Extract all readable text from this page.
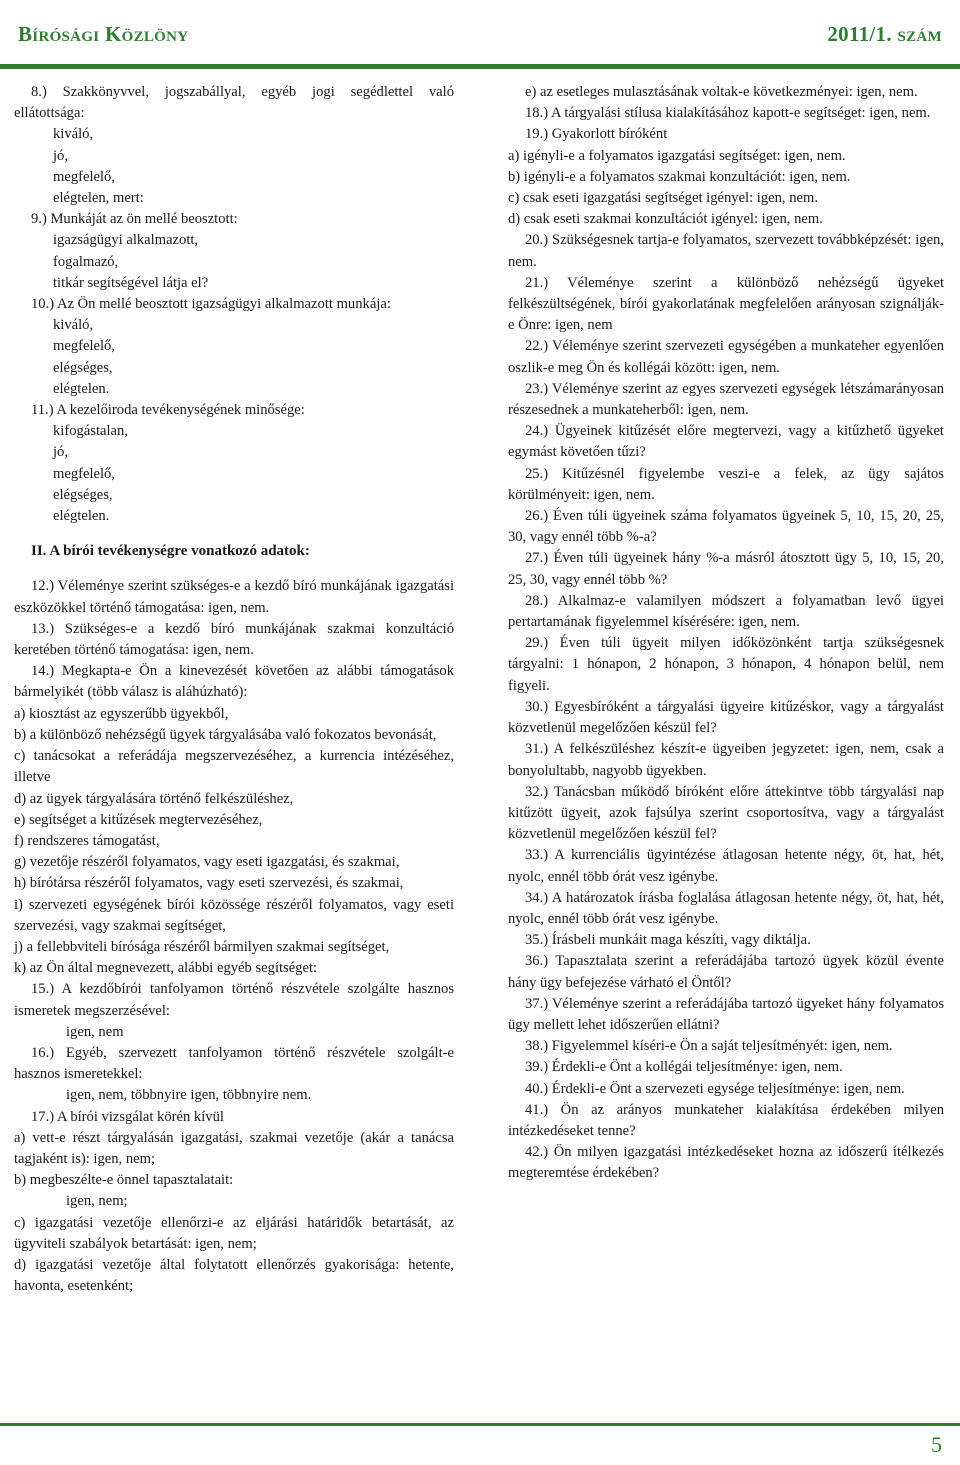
Bírósági Közlöny	2011/1. szám

8.) Szakkönyvvel, jogszabállyal, egyéb jogi segédlettel való ellátottsága:

kiváló,
jó,
megfelelő,
elégtelen, mert:

9.) Munkáját az ön mellé beosztott:

igazságügyi alkalmazott,
fogalmazó,
titkár segítségével látja el?

10.) Az Ön mellé beosztott igazságügyi alkalmazott munkája:

kiváló,
megfelelő,
elégséges,
elégtelen.

11.) A kezelőiroda tevékenységének minősége:

kifogástalan,
jó,
megfelelő,
elégséges,
elégtelen.
II. A bírói tevékenységre vonatkozó adatok:

12.) Véleménye szerint szükséges-e a kezdő bíró munkájának igazgatási eszközökkel történő támogatása: igen, nem.

13.) Szükséges-e a kezdő bíró munkájának szakmai konzultáció keretében történő támogatása: igen, nem.

14.) Megkapta-e Ön a kinevezését követően az alábbi támogatások bármelyikét (több válasz is aláhúzható):

a) kiosztást az egyszerűbb ügyekből,

b) a különböző nehézségű ügyek tárgyalásába való fokozatos bevonását,

c) tanácsokat a referádája megszervezéséhez, a kurrencia intézéséhez, illetve

d) az ügyek tárgyalására történő felkészüléshez,

e) segítséget a kitűzések megtervezéséhez,

f) rendszeres támogatást,

g) vezetője részéről folyamatos, vagy eseti igazgatási, és szakmai,

h) bírótársa részéről folyamatos, vagy eseti szervezési, és szakmai,

i) szervezeti egységének bírói közössége részéről folyamatos, vagy eseti szervezési, vagy szakmai segítséget,

j) a fellebbviteli bírósága részéről bármilyen szakmai segítséget,

k) az Ön által megnevezett, alábbi egyéb segítséget:

15.) A kezdőbírói tanfolyamon történő részvétele szolgálte hasznos ismeretek megszerzésével:

igen, nem

16.) Egyéb, szervezett tanfolyamon történő részvétele szolgált-e hasznos ismeretekkel:

igen, nem, többnyire igen, többnyire nem.

17.) A bírói vizsgálat körén kívül

a) vett-e részt tárgyalásán igazgatási, szakmai vezetője (akár a tanácsa tagjaként is): igen, nem;

b) megbeszélte-e önnel tapasztalatait:

igen, nem;

c) igazgatási vezetője ellenőrzi-e az eljárási határidők betartását, az ügyviteli szabályok betartását: igen, nem;

d) igazgatási vezetője által folytatott ellenőrzés gyakorisága: hetente, havonta, esetenként;

e) az esetleges mulasztásának voltak-e következményei: igen, nem.

18.) A tárgyalási stílusa kialakításához kapott-e segítséget: igen, nem.

19.) Gyakorlott bíróként

a) igényli-e a folyamatos igazgatási segítséget: igen, nem.

b) igényli-e a folyamatos szakmai konzultációt: igen, nem.

c) csak eseti igazgatási segítséget igényel: igen, nem.

d) csak eseti szakmai konzultációt igényel: igen, nem.

20.) Szükségesnek tartja-e folyamatos, szervezett továbbképzését: igen, nem.

21.) Véleménye szerint a különböző nehézségű ügyeket felkészültségének, bírói gyakorlatának megfelelően arányosan szignálják-e Önre: igen, nem

22.) Véleménye szerint szervezeti egységében a munkateher egyenlően oszlik-e meg Ön és kollégái között: igen, nem.

23.) Véleménye szerint az egyes szervezeti egységek létszámarányosan részesednek a munkateherből: igen, nem.

24.) Ügyeinek kitűzését előre megtervezi, vagy a kitűzhető ügyeket egymást követően tűzi?

25.) Kitűzésnél figyelembe veszi-e a felek, az ügy sajátos körülményeit: igen, nem.

26.) Éven túli ügyeinek száma folyamatos ügyeinek 5, 10, 15, 20, 25, 30, vagy ennél több %-a?

27.) Éven túli ügyeinek hány %-a másról átosztott ügy 5, 10, 15, 20, 25, 30, vagy ennél több %?

28.) Alkalmaz-e valamilyen módszert a folyamatban levő ügyei pertartamának figyelemmel kísérésére: igen, nem.

29.) Éven túli ügyeit milyen időközönként tartja szükségesnek tárgyalni: 1 hónapon, 2 hónapon, 3 hónapon, 4 hónapon belül, nem figyeli.

30.) Egyesbíróként a tárgyalási ügyeire kitűzéskor, vagy a tárgyalást közvetlenül megelőzően készül fel?

31.) A felkészüléshez készít-e ügyeiben jegyzetet: igen, nem, csak a bonyolultabb, nagyobb ügyekben.

32.) Tanácsban működő bíróként előre áttekintve több tárgyalási nap kitűzött ügyeit, azok fajsúlya szerint csoportosítva, vagy a tárgyalást közvetlenül megelőzően készül fel?

33.) A kurrenciális ügyintézése átlagosan hetente négy, öt, hat, hét, nyolc, ennél több órát vesz igénybe.

34.) A határozatok írásba foglalása átlagosan hetente négy, öt, hat, hét, nyolc, ennél több órát vesz igénybe.

35.) Írásbeli munkáit maga készíti, vagy diktálja.

36.) Tapasztalata szerint a referádájába tartozó ügyek közül évente hány ügy befejezése várható el Öntől?

37.) Véleménye szerint a referádájába tartozó ügyeket hány folyamatos ügy mellett lehet időszerűen ellátni?

38.) Figyelemmel kíséri-e Ön a saját teljesítményét: igen, nem.

39.) Érdekli-e Önt a kollégái teljesítménye: igen, nem.

40.) Érdekli-e Önt a szervezeti egysége teljesítménye: igen, nem.

41.) Ön az arányos munkateher kialakítása érdekében milyen intézkedéseket tenne?

42.) Ön milyen igazgatási intézkedéseket hozna az időszerű ítélkezés megteremtése érdekében?

5
